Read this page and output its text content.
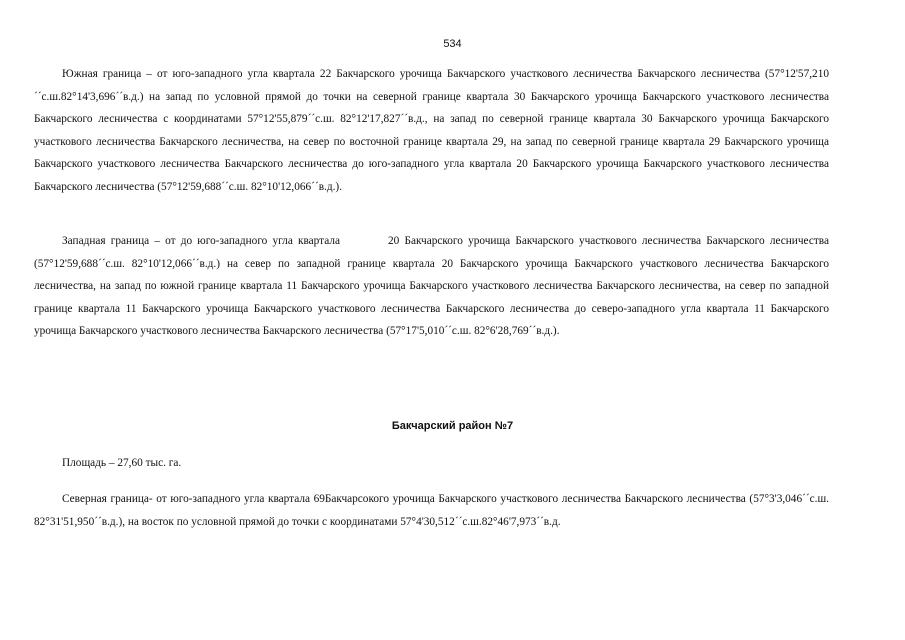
534

Южная граница – от юго-западного угла квартала 22 Бакчарского урочища Бакчарского участкового лесничества Бакчарского лесничества (57°12'57,210´´с.ш.82°14'3,696´´в.д.) на запад по условной прямой до точки на северной границе квартала 30 Бакчарского урочища Бакчарского участкового лесничества Бакчарского лесничества с координатами 57°12'55,879´´с.ш. 82°12'17,827´´в.д., на запад по северной границе квартала 30 Бакчарского урочища Бакчарского участкового лесничества Бакчарского лесничества, на север по восточной границе квартала 29, на запад по северной границе квартала 29 Бакчарского урочища Бакчарского участкового лесничества Бакчарского лесничества до юго-западного угла квартала 20 Бакчарского урочища Бакчарского участкового лесничества Бакчарского лесничества (57°12'59,688´´с.ш. 82°10'12,066´´в.д.).

Западная граница – от до юго-западного угла квартала	20 Бакчарского урочища Бакчарского участкового лесничества Бакчарского лесничества (57°12'59,688´´с.ш. 82°10'12,066´´в.д.) на север по западной границе квартала 20 Бакчарского урочища Бакчарского участкового лесничества Бакчарского лесничества, на запад по южной границе квартала 11 Бакчарского урочища Бакчарского участкового лесничества Бакчарского лесничества, на север по западной границе квартала 11 Бакчарского урочища Бакчарского участкового лесничества Бакчарского лесничества до северо-западного угла квартала 11 Бакчарского урочища Бакчарского участкового лесничества Бакчарского лесничества (57°17'5,010´´с.ш. 82°6'28,769´´в.д.).

Бакчарский район №7

Площадь – 27,60 тыс. га.

Северная граница- от юго-западного угла квартала 69Бакчарсокого урочища Бакчарского участкового лесничества Бакчарского лесничества (57°3'3,046´´с.ш. 82°31'51,950´´в.д.), на восток по условной прямой до точки с координатами 57°4'30,512´´с.ш.82°46'7,973´´в.д.
